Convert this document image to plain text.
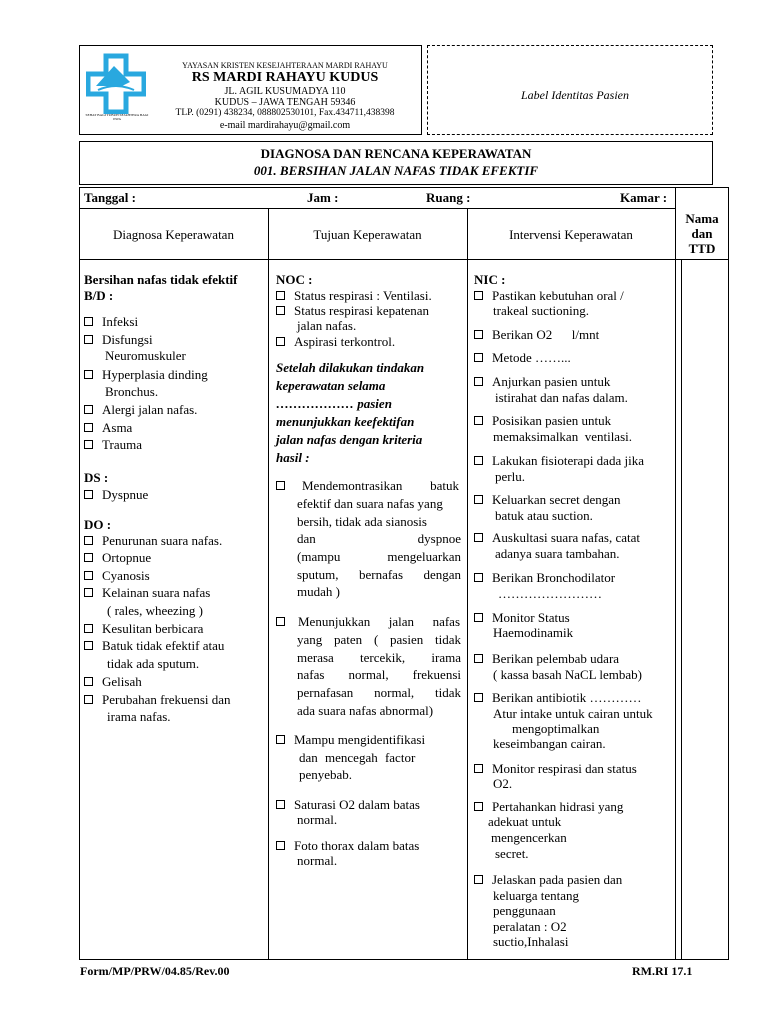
SEHAT BAGI TUBUH SEJAHTERA BAGI JIWA
YAYASAN KRISTEN KESEJAHTERAAN MARDI RAHAYU
RS MARDI RAHAYU KUDUS
JL. AGIL KUSUMADYA 110
KUDUS – JAWA TENGAH 59346
TLP. (0291) 438234, 088802530101, Fax.434711,438398
e-mail mardirahayu@gmail.com
Label Identitas Pasien
DIAGNOSA DAN RENCANA KEPERAWATAN
001. BERSIHAN JALAN NAFAS TIDAK EFEKTIF
Tanggal :	Jam :	Ruang :	Kamar :
Diagnosa Keperawatan	Tujuan Keperawatan	Intervensi Keperawatan
Nama
dan
TTD
Bersihan nafas tidak efektif
B/D :
Infeksi
Disfungsi
Neuromuskuler
Hyperplasia dinding
Bronchus.
Alergi jalan nafas.
Asma
Trauma
DS :
Dyspnue
DO :
Penurunan suara nafas.
Ortopnue
Cyanosis
Kelainan suara nafas
( rales, wheezing )
Kesulitan berbicara
Batuk tidak efektif atau
tidak ada sputum.
Gelisah
Perubahan frekuensi dan
irama nafas.
NOC :
Status respirasi : Ventilasi.
Status respirasi kepatenan
jalan nafas.
Aspirasi terkontrol.
Setelah dilakukan tindakan
keperawatan selama
……………… pasien
menunjukkan keefektifan
jalan nafas dengan kriteria
hasil :
Mendemontrasikan batuk
efektif dan suara nafas yang
bersih, tidak ada sianosis
dan dyspnoe
(mampu mengeluarkan
sputum, bernafas dengan
mudah )
Menunjukkan jalan nafas
yang paten ( pasien tidak
merasa tercekik, irama
nafas normal, frekuensi
pernafasan normal, tidak
ada suara nafas abnormal)
Mampu mengidentifikasi
dan mencegah factor
penyebab.
Saturasi O2 dalam batas
normal.
Foto thorax dalam batas
normal.
NIC :
Pastikan kebutuhan oral /
trakeal suctioning.
Berikan O2      l/mnt
Metode ……...
Anjurkan pasien untuk
istirahat dan nafas dalam.
Posisikan pasien untuk
memaksimalkan  ventilasi.
Lakukan fisioterapi dada jika
perlu.
Keluarkan secret dengan
batuk atau suction.
Auskultasi suara nafas, catat
adanya suara tambahan.
Berikan Bronchodilator
……………………
Monitor Status
Haemodinamik
Berikan pelembab udara
( kassa basah NaCL lembab)
Berikan antibiotik …………
Atur intake untuk cairan untuk
mengoptimalkan
keseimbangan cairan.
Monitor respirasi dan status
O2.
Pertahankan hidrasi yang
adekuat untuk
mengencerkan
secret.
Jelaskan pada pasien dan
keluarga tentang
penggunaan
peralatan : O2
suctio,Inhalasi
Form/MP/PRW/04.85/Rev.00	RM.RI 17.1
